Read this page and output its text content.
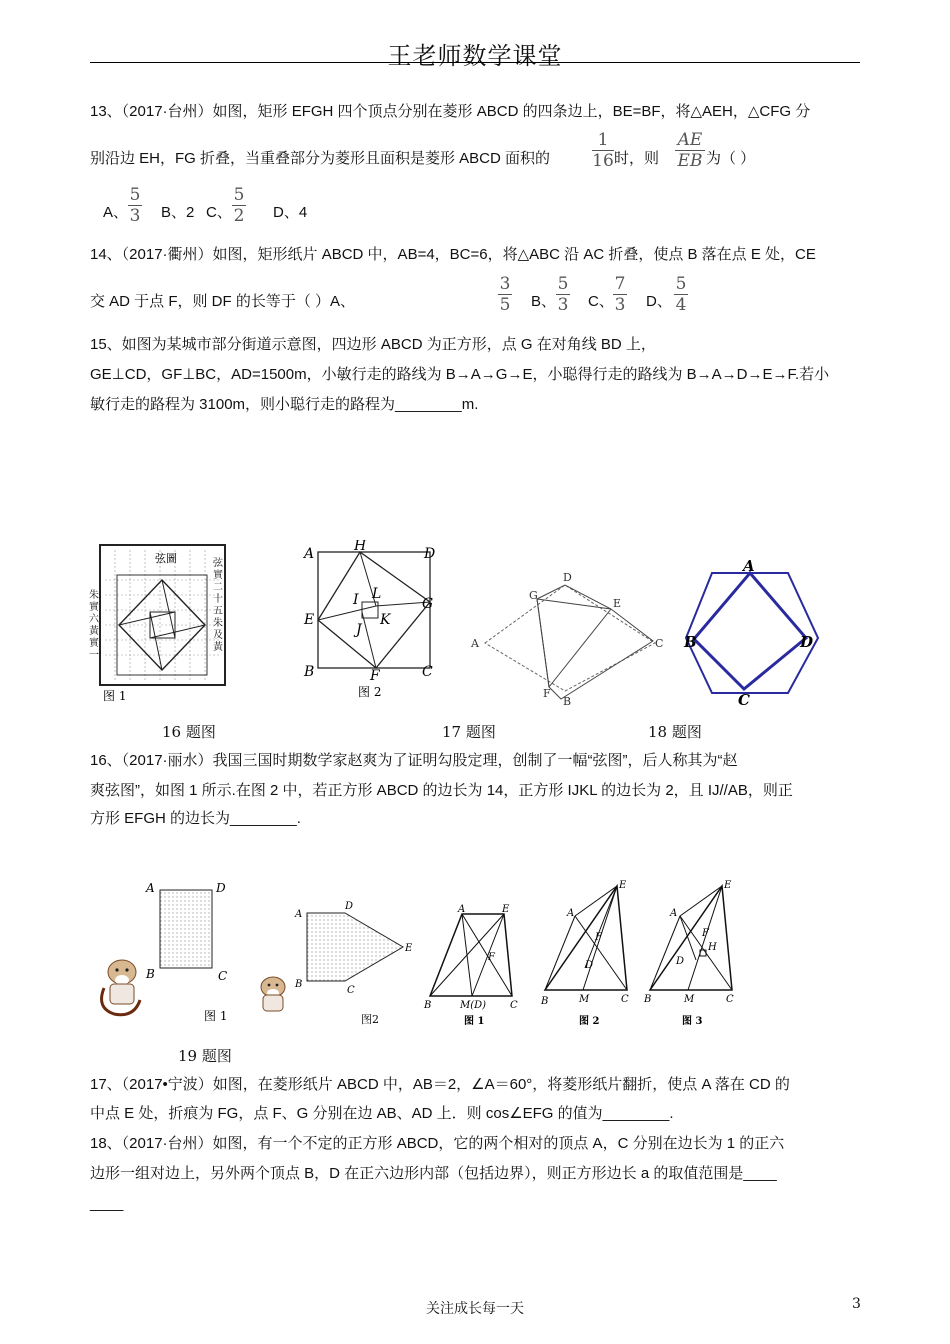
王老师数学课堂
13、（2017·台州）如图，矩形 EFGH 四个顶点分别在菱形 ABCD 的四条边上，BE=BF，将△AEH，△CFG 分
别沿边 EH，FG 折叠，当重叠部分为菱形且面积是菱形 ABCD 面积的
1
16 时，则
AE
EB 为（ ）
A、
5
3 B、2 C、
5
2 D、4
14、（2017·衢州）如图，矩形纸片 ABCD 中，AB=4，BC=6，将△ABC 沿 AC 折叠，使点 B 落在点 E 处，CE
交 AD 于点 F，则 DF 的长等于（ ）A、
3
5 B、
5
3 C、
7
3 D、
5
4
15、如图为某城市部分街道示意图，四边形 ABCD 为正方形，点 G 在对角线 BD 上，
GE⊥CD，GF⊥BC，AD=1500m，小敏行走的路线为 B→A→G→E，小聪得行走的路线为 B→A→D→E→F.若小
敏行走的路程为 3100m，则小聪行走的路程为________m.
弦圖
图 1
弦實二十五朱及黃
朱實六黃實一
A	H	D
E
G
B	F	C
I L
J
K
图 2
A
D
G
E
C
F
B
A
B	D
C
16 题图	17 题图	18 题图
16、（2017·丽水）我国三国时期数学家赵爽为了证明勾股定理，创制了一幅“弦图”，后人称其为“赵
爽弦图”，如图 1 所示.在图 2 中，若正方形 ABCD 的边长为 14，正方形 IJKL 的边长为 2，且 IJ//AB，则正
方形 EFGH 的边长为________.
A	D
B	C
图 1
A
D
E
B
C
图2
A	E
F
B	M(D) C
图 1
A
E
F
D
B	M	C
图 2
A
E
F
H
D
B	M	C
图 3
19 题图
17、（2017•宁波）如图，在菱形纸片 ABCD 中，AB＝2，∠A＝60°，将菱形纸片翻折，使点 A 落在 CD 的
中点 E 处，折痕为 FG，点 F、G 分别在边 AB、AD 上．则 cos∠EFG 的值为________.
18、（2017·台州）如图，有一个不定的正方形 ABCD，它的两个相对的顶点 A，C 分别在边长为 1 的正六
边形一组对边上，另外两个顶点 B，D 在正六边形内部（包括边界），则正方形边长 a 的取值范围是____
____
关注成长每一天	3
